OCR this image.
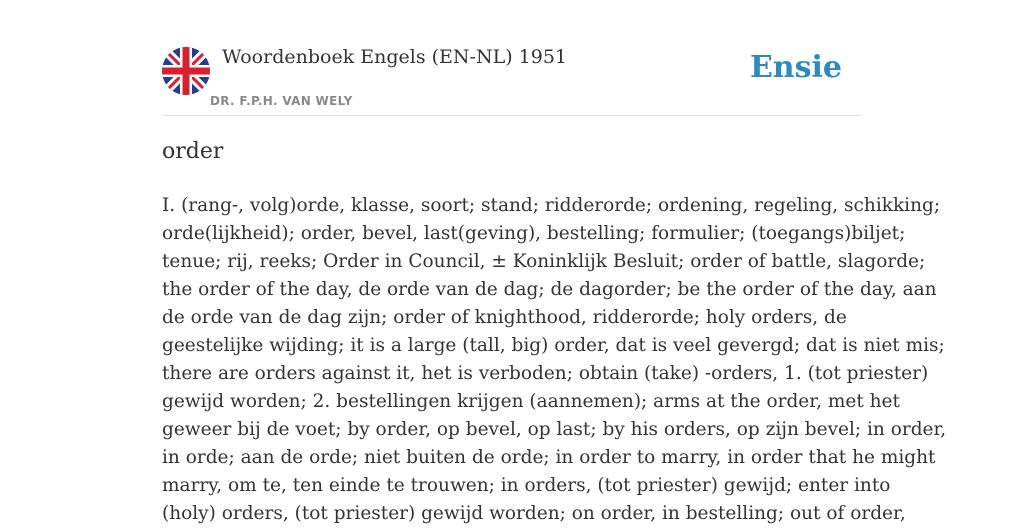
Woordenboek Engels (EN-NL) 1951
DR. F.P.H. VAN WELY
Ensie
order
I. (rang-, volg)orde, klasse, soort; stand; ridderorde; ordening, regeling, schikking;
orde(lijkheid); order, bevel, last(geving), bestelling; formulier; (toegangs)biljet;
tenue; rij, reeks; Order in Council, ± Koninklijk Besluit; order of battle, slagorde;
the order of the day, de orde van de dag; de dagorder; be the order of the day, aan
de orde van de dag zijn; order of knighthood, ridderorde; holy orders, de
geestelijke wijding; it is a large (tall, big) order, dat is veel gevergd; dat is niet mis;
there are orders against it, het is verboden; obtain (take) -orders, 1. (tot priester)
gewijd worden; 2. bestellingen krijgen (aannemen); arms at the order, met het
geweer bij de voet; by order, op bevel, op last; by his orders, op zijn bevel; in order,
in orde; aan de orde; niet buiten de orde; in order to marry, in order that he might
marry, om te, ten einde te trouwen; in orders, (tot priester) gewijd; enter into
(holy) orders, (tot priester) gewijd worden; on order, in bestelling; out of order,
